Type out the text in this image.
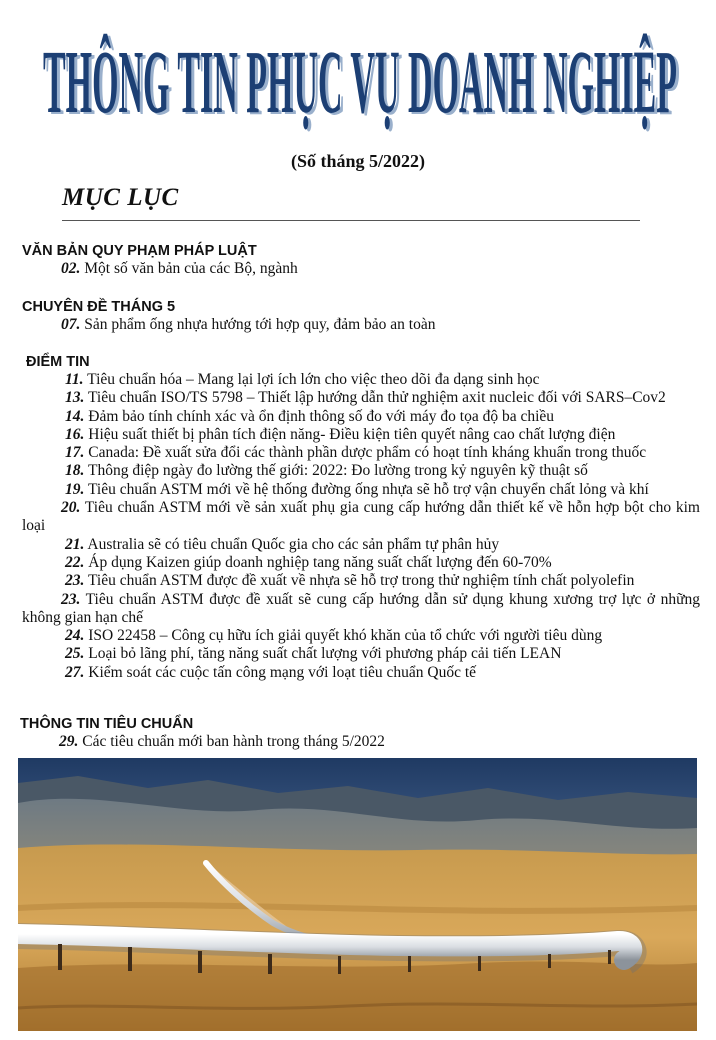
THÔNG TIN PHỤC VỤ DOANH NGHIỆP
THÔNG TIN PHỤC VỤ DOANH NGHIỆP
(Số tháng 5/2022)
MỤC LỤC

VĂN BẢN QUY PHẠM PHÁP LUẬT

02. Một số văn bản của các Bộ, ngành

CHUYÊN ĐỀ THÁNG 5

07. Sản phẩm ống nhựa hướng tới hợp quy, đảm bảo an toàn

ĐIỂM TIN

11. Tiêu chuẩn hóa – Mang lại lợi ích lớn cho việc theo dõi đa dạng sinh học

13. Tiêu chuẩn ISO/TS 5798 – Thiết lập hướng dẫn thử nghiệm axit nucleic đối với SARS–Cov2

14. Đảm bảo tính chính xác và ổn định thông số đo với máy đo tọa độ ba chiều

16. Hiệu suất thiết bị phân tích điện năng- Điều kiện tiên quyết nâng cao chất lượng điện

17. Canada: Đề xuất sửa đổi các thành phần dược phẩm có hoạt tính kháng khuẩn trong thuốc

18. Thông điệp ngày đo lường thế giới: 2022: Đo lường trong kỷ nguyên kỹ thuật số

19. Tiêu chuẩn ASTM mới về hệ thống đường ống nhựa sẽ hỗ trợ vận chuyển chất lỏng và khí

20. Tiêu chuẩn ASTM mới về sản xuất phụ gia cung cấp hướng dẫn thiết kế về hỗn hợp bột cho kim loại

21. Australia sẽ có tiêu chuẩn Quốc gia cho các sản phẩm tự phân hủy

22. Áp dụng Kaizen giúp doanh nghiệp tang năng suất chất lượng đến 60-70%

23. Tiêu chuẩn ASTM được đề xuất về nhựa sẽ hỗ trợ trong thử nghiệm tính chất polyolefin

23. Tiêu chuẩn ASTM được đề xuất sẽ cung cấp hướng dẫn sử dụng khung xương trợ lực ở những không gian hạn chế

24. ISO 22458 – Công cụ hữu ích giải quyết khó khăn của tổ chức với người tiêu dùng

25. Loại bỏ lãng phí, tăng năng suất chất lượng với phương pháp cải tiến LEAN

27. Kiểm soát các cuộc tấn công mạng với loạt tiêu chuẩn Quốc tế

THÔNG TIN TIÊU CHUẨN

29. Các tiêu chuẩn mới ban hành trong tháng 5/2022
